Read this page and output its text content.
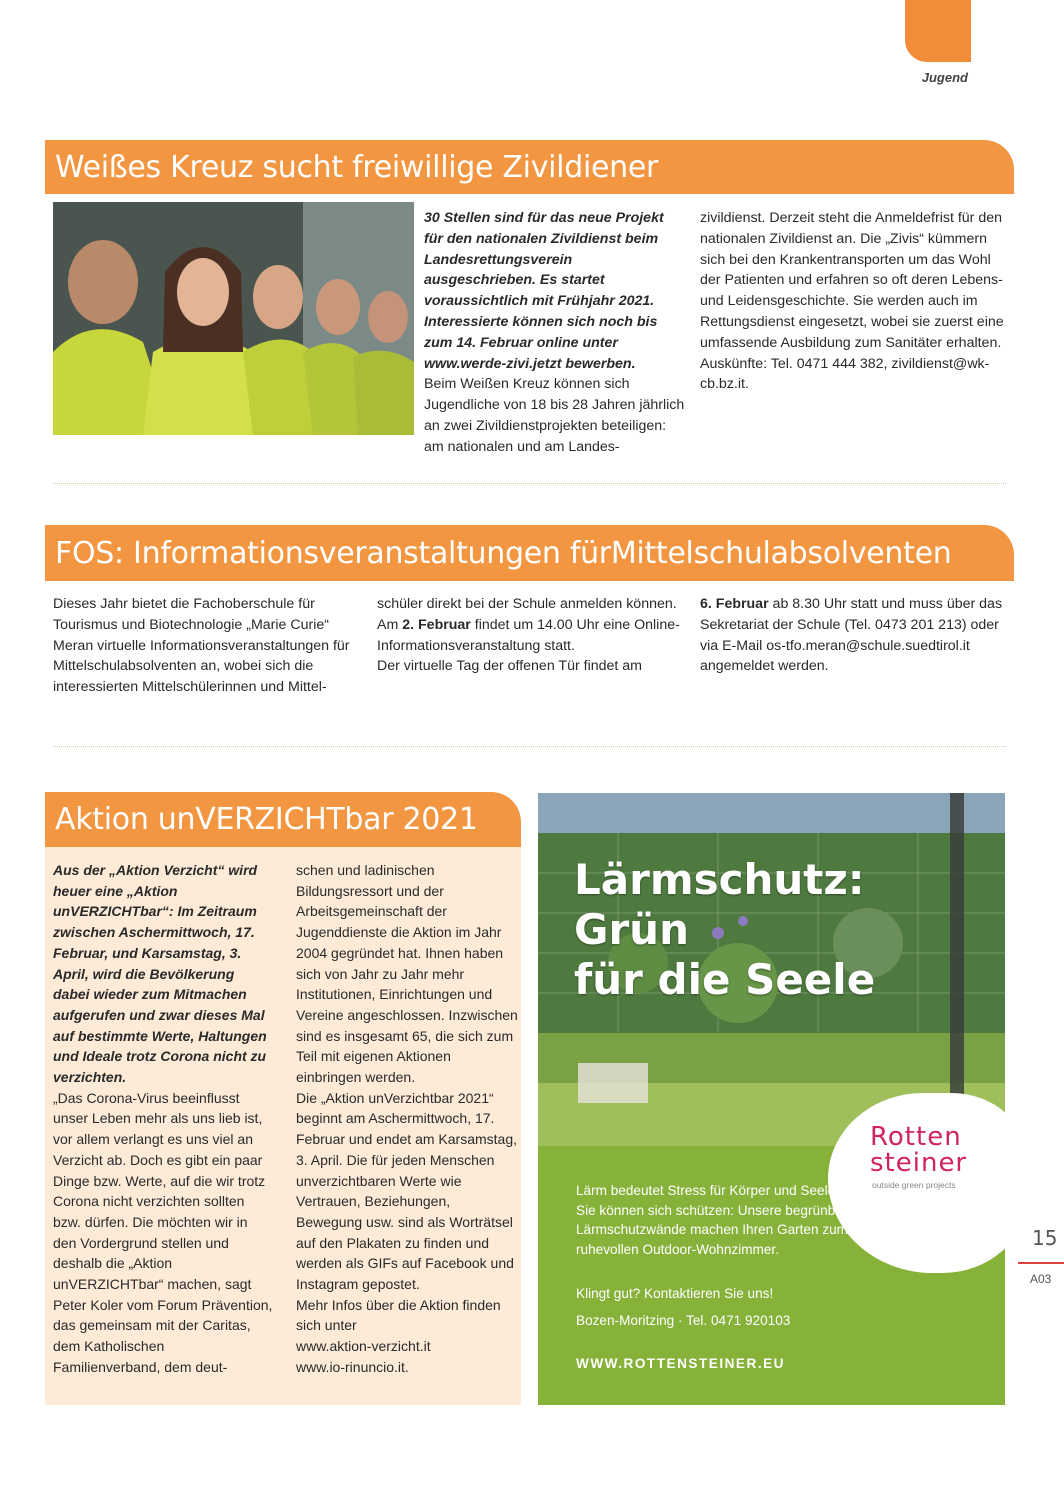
Jugend
Weißes Kreuz sucht freiwillige Zivildiener

30 Stellen sind für das neue Projekt für den nationalen Zivildienst beim Landesrettungsverein ausgeschrieben. Es startet voraussichtlich mit Frühjahr 2021. Interessierte können sich noch bis zum 14. Februar online unter www.werde-zivi.jetzt bewerben.

Beim Weißen Kreuz können sich Jugendliche von 18 bis 28 Jahren jährlich an zwei Zivildienstprojekten beteiligen: am nationalen und am Landes-

zivildienst. Derzeit steht die Anmeldefrist für den nationalen Zivildienst an. Die „Zivis“ kümmern sich bei den Krankentransporten um das Wohl der Patienten und erfahren so oft deren Lebens- und Leidensgeschichte. Sie werden auch im Rettungsdienst eingesetzt, wobei sie zuerst eine umfassende Ausbildung zum Sanitäter erhalten. Auskünfte: Tel. 0471 444 382, zivildienst@wk-cb.bz.it.

FOS: Informationsveranstaltungen fürMittelschulabsolventen

Dieses Jahr bietet die Fachoberschule für Tourismus und Biotechnologie „Marie Curie“ Meran virtuelle Informationsveranstaltungen für Mittelschulabsolventen an, wobei sich die interessierten Mittelschülerinnen und Mittel-

schüler direkt bei der Schule anmelden können.

Am 2. Februar findet um 14.00 Uhr eine Online-Informationsveranstaltung statt.

Der virtuelle Tag der offenen Tür findet am

6. Februar ab 8.30 Uhr statt und muss über das Sekretariat der Schule (Tel. 0473 201 213) oder via E-Mail os-tfo.meran@schule.suedtirol.it angemeldet werden.

Aktion unVERZICHTbar 2021

Aus der „Aktion Verzicht“ wird heuer eine „Aktion unVERZICHTbar“: Im Zeitraum zwischen Aschermittwoch, 17. Februar, und Karsamstag, 3. April, wird die Bevölkerung dabei wieder zum Mitmachen aufgerufen und zwar dieses Mal auf bestimmte Werte, Haltungen und Ideale trotz Corona nicht zu verzichten.

„Das Corona-Virus beeinflusst unser Leben mehr als uns lieb ist, vor allem verlangt es uns viel an Verzicht ab. Doch es gibt ein paar Dinge bzw. Werte, auf die wir trotz Corona nicht verzichten sollten bzw. dürfen. Die möchten wir in den Vordergrund stellen und deshalb die „Aktion unVERZICHTbar“ machen, sagt Peter Koler vom Forum Prävention, das gemeinsam mit der Caritas, dem Katholischen Familienverband, dem deut-

schen und ladinischen Bildungsressort und der Arbeitsgemeinschaft der Jugenddienste die Aktion im Jahr 2004 gegründet hat. Ihnen haben sich von Jahr zu Jahr mehr Institutionen, Einrichtungen und Vereine angeschlossen. Inzwischen sind es insgesamt 65, die sich zum Teil mit eigenen Aktionen einbringen werden.

Die „Aktion unVerzichtbar 2021“ beginnt am Aschermittwoch, 17. Februar und endet am Karsamstag, 3. April. Die für jeden Menschen unverzichtbaren Werte wie Vertrauen, Beziehungen, Bewegung usw. sind als Worträtsel auf den Plakaten zu finden und werden als GIFs auf Facebook und Instagram gepostet.

Mehr Infos über die Aktion finden sich unter

www.aktion-verzicht.it

www.io-rinuncio.it.

Lärmschutz: Grün
für die Seele
Rotten
steiner
outside green projects

Lärm bedeutet Stress für Körper und Seele, doch Sie können sich schützen: Unsere begrünbaren Lärmschutzwände machen Ihren Garten zum ruhevollen Outdoor-Wohnzimmer.

Klingt gut? Kontaktieren Sie uns!
Bozen-Moritzing · Tel. 0471 920103
WWW.ROTTENSTEINER.EU
15
A03
